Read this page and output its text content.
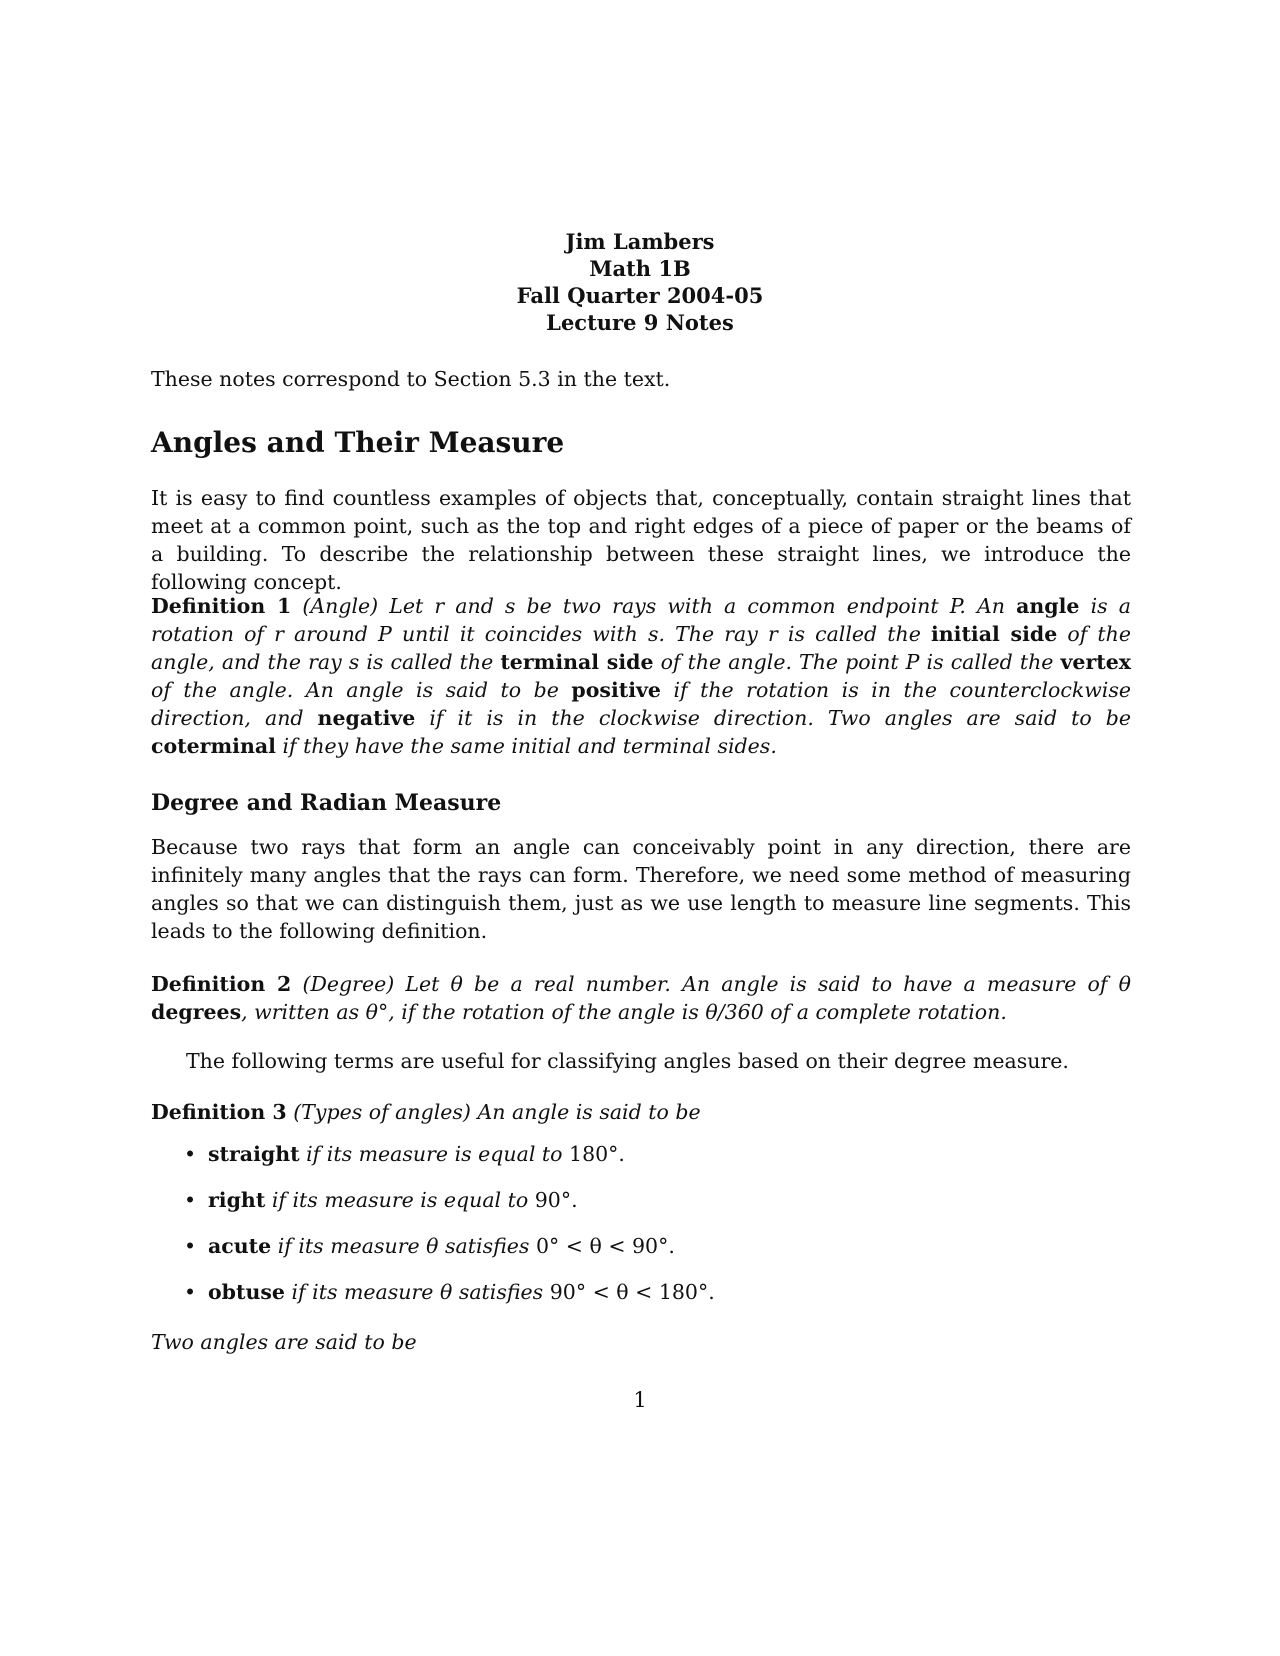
Jim Lambers
Math 1B
Fall Quarter 2004-05
Lecture 9 Notes
These notes correspond to Section 5.3 in the text.
Angles and Their Measure
It is easy to find countless examples of objects that, conceptually, contain straight lines that meet at a common point, such as the top and right edges of a piece of paper or the beams of a building. To describe the relationship between these straight lines, we introduce the following concept.
Definition 1 (Angle) Let r and s be two rays with a common endpoint P. An angle is a rotation of r around P until it coincides with s. The ray r is called the initial side of the angle, and the ray s is called the terminal side of the angle. The point P is called the vertex of the angle. An angle is said to be positive if the rotation is in the counterclockwise direction, and negative if it is in the clockwise direction. Two angles are said to be coterminal if they have the same initial and terminal sides.
Degree and Radian Measure
Because two rays that form an angle can conceivably point in any direction, there are infinitely many angles that the rays can form. Therefore, we need some method of measuring angles so that we can distinguish them, just as we use length to measure line segments. This leads to the following definition.
Definition 2 (Degree) Let θ be a real number. An angle is said to have a measure of θ degrees, written as θ°, if the rotation of the angle is θ/360 of a complete rotation.
The following terms are useful for classifying angles based on their degree measure.
Definition 3 (Types of angles) An angle is said to be
• straight if its measure is equal to 180°.
• right if its measure is equal to 90°.
• acute if its measure θ satisfies 0° < θ < 90°.
• obtuse if its measure θ satisfies 90° < θ < 180°.
Two angles are said to be
1
